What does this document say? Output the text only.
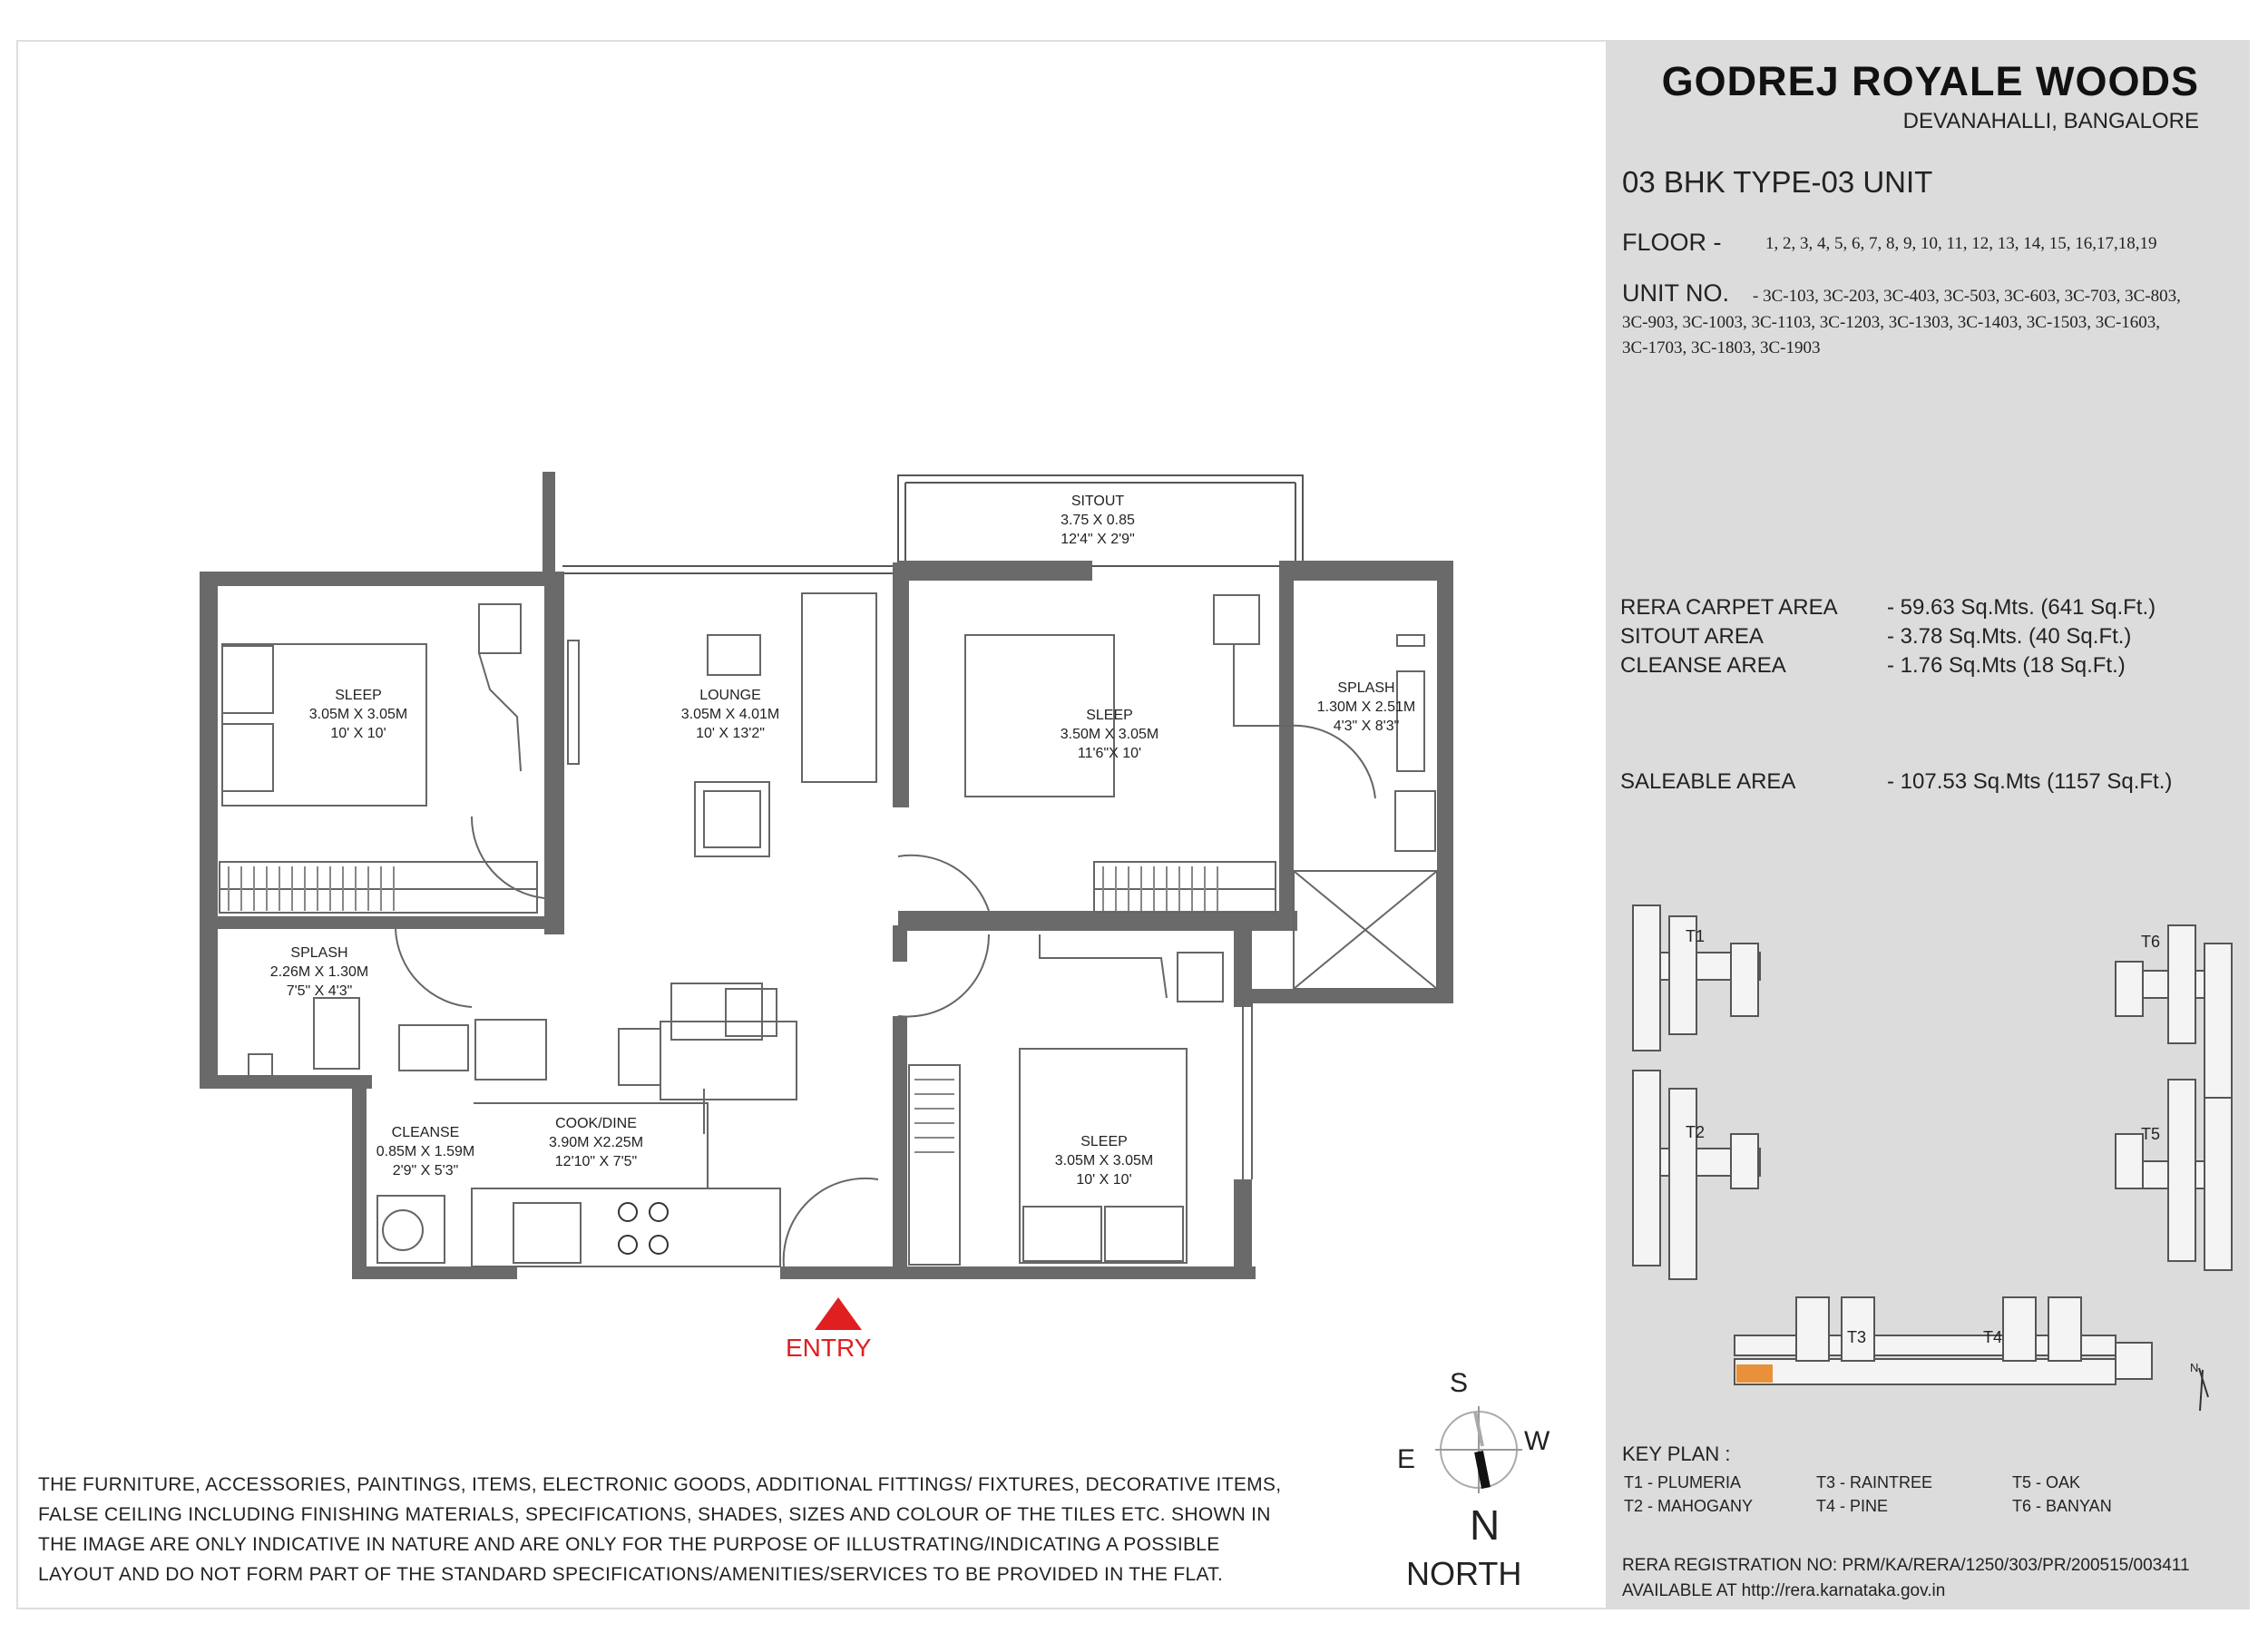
GODREJ ROYALE WOODS
DEVANAHALLI, BANGALORE
03 BHK TYPE-03 UNIT
FLOOR -	1, 2, 3, 4, 5, 6, 7, 8, 9, 10, 11, 12, 13, 14, 15, 16,17,18,19
UNIT NO. - 3C-103, 3C-203, 3C-403, 3C-503, 3C-603, 3C-703, 3C-803,
3C-903, 3C-1003, 3C-1103, 3C-1203, 3C-1303, 3C-1403, 3C-1503, 3C-1603,
3C-1703, 3C-1803, 3C-1903
RERA CARPET AREA - 59.63 Sq.Mts. (641 Sq.Ft.)
SITOUT AREA	- 3.78 Sq.Mts. (40 Sq.Ft.)
CLEANSE AREA	- 1.76 Sq.Mts (18 Sq.Ft.)
SALEABLE AREA	- 107.53 Sq.Mts (1157 Sq.Ft.)
SITOUT
3.75 X 0.85
12'4" X 2'9"
SLEEP
3.05M X 3.05M
10' X 10'
LOUNGE
3.05M X 4.01M
10' X 13'2"
SLEEP
3.50M X 3.05M
11'6"X 10'
SPLASH
1.30M X 2.51M
4'3" X 8'3"
SPLASH
2.26M X 1.30M
7'5" X 4'3"
CLEANSE
0.85M X 1.59M
2'9" X 5'3"
COOK/DINE
3.90M X2.25M
12'10" X 7'5"
SLEEP
3.05M X 3.05M
10' X 10'
ENTRY
S
E
W
N
NORTH
T1
T2
T3	T4
T5
T6
N
KEY PLAN :
T1 - PLUMERIA	T3 - RAINTREE	T5 - OAK
T2 - MAHOGANY	T4 - PINE	T6 - BANYAN
RERA REGISTRATION NO: PRM/KA/RERA/1250/303/PR/200515/003411
AVAILABLE AT http://rera.karnataka.gov.in
THE FURNITURE, ACCESSORIES, PAINTINGS, ITEMS, ELECTRONIC GOODS, ADDITIONAL FITTINGS/ FIXTURES, DECORATIVE ITEMS,
FALSE CEILING INCLUDING FINISHING MATERIALS, SPECIFICATIONS, SHADES, SIZES AND COLOUR OF THE TILES ETC. SHOWN IN
THE IMAGE ARE ONLY INDICATIVE IN NATURE AND ARE ONLY FOR THE PURPOSE OF ILLUSTRATING/INDICATING A POSSIBLE
LAYOUT AND DO NOT FORM PART OF THE STANDARD SPECIFICATIONS/AMENITIES/SERVICES TO BE PROVIDED IN THE FLAT.
